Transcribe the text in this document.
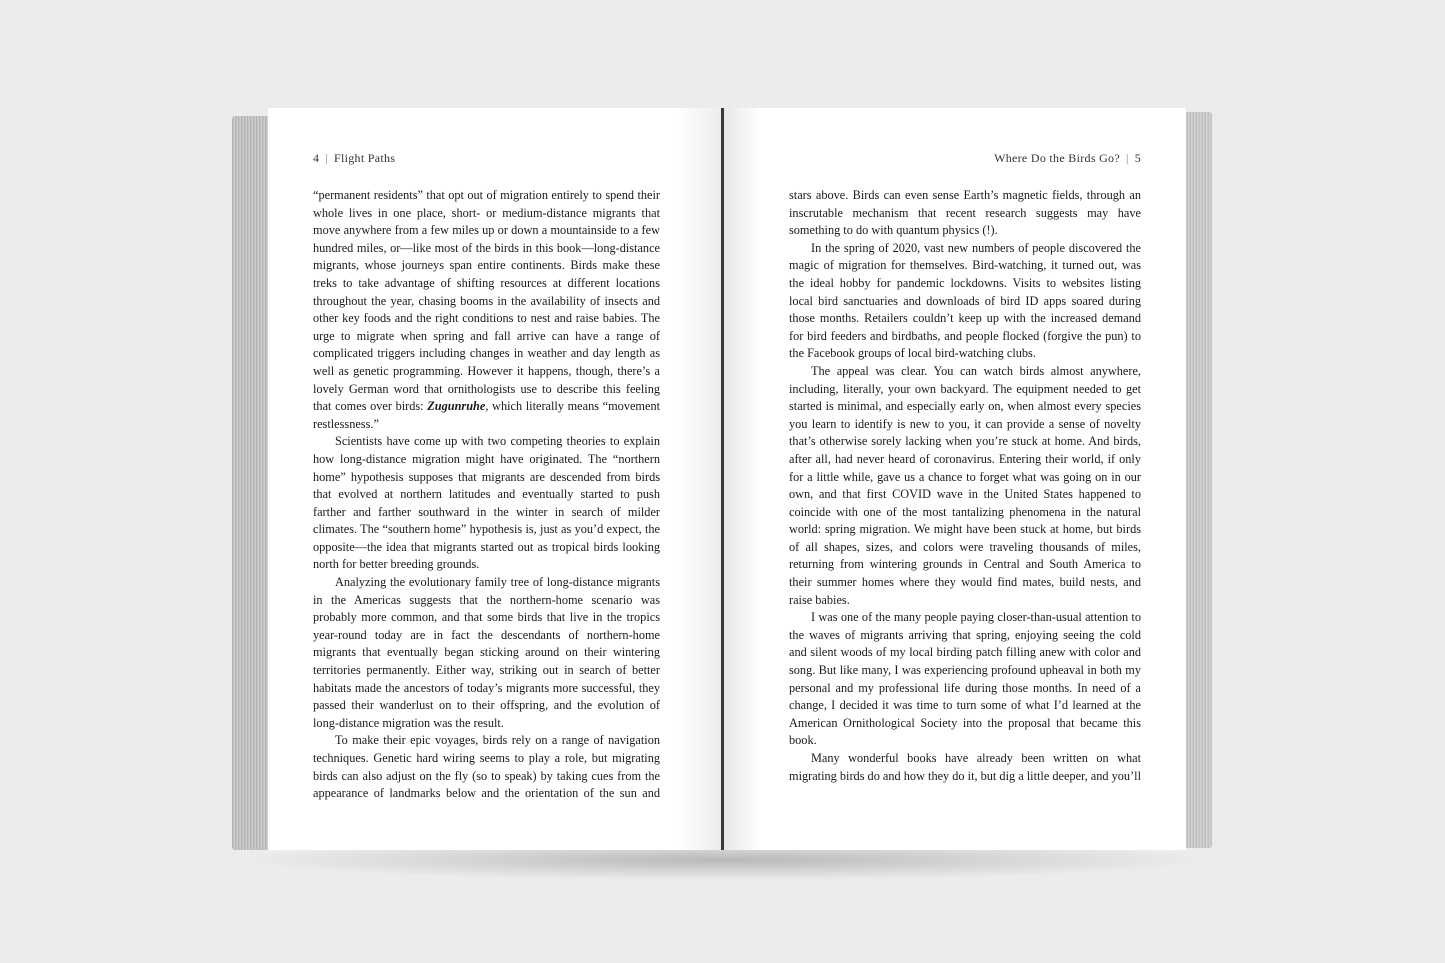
4 | Flight Paths	Where Do the Birds Go? | 5

“permanent residents” that opt out of migration entirely to spend their whole lives in one place, short- or medium-distance migrants that move anywhere from a few miles up or down a mountainside to a few hundred miles, or—like most of the birds in this book—long-distance migrants, whose journeys span entire continents. Birds make these treks to take advantage of shifting resources at different locations throughout the year, chasing booms in the availability of insects and other key foods and the right conditions to nest and raise babies. The urge to migrate when spring and fall arrive can have a range of complicated triggers including changes in weather and day length as well as genetic programming. However it happens, though, there’s a lovely German word that ornithologists use to describe this feeling that comes over birds: Zugunruhe, which literally means “movement restlessness.”

Scientists have come up with two competing theories to explain how long-distance migration might have originated. The “northern home” hypothesis supposes that migrants are descended from birds that evolved at northern latitudes and eventually started to push farther and farther southward in the winter in search of milder climates. The “southern home” hypothesis is, just as you’d expect, the opposite—the idea that migrants started out as tropical birds looking north for better breeding grounds.

Analyzing the evolutionary family tree of long-distance migrants in the Americas suggests that the northern-home scenario was probably more common, and that some birds that live in the tropics year-round today are in fact the descendants of northern-home migrants that eventually began sticking around on their wintering territories permanently. Either way, striking out in search of better habitats made the ancestors of today’s migrants more successful, they passed their wanderlust on to their offspring, and the evolution of long-distance migration was the result.

To make their epic voyages, birds rely on a range of navigation techniques. Genetic hard wiring seems to play a role, but migrating birds can also adjust on the fly (so to speak) by taking cues from the appearance of landmarks below and the orientation of the sun and

stars above. Birds can even sense Earth’s magnetic fields, through an inscrutable mechanism that recent research suggests may have something to do with quantum physics (!).

In the spring of 2020, vast new numbers of people discovered the magic of migration for themselves. Bird-watching, it turned out, was the ideal hobby for pandemic lockdowns. Visits to websites listing local bird sanctuaries and downloads of bird ID apps soared during those months. Retailers couldn’t keep up with the increased demand for bird feeders and birdbaths, and people flocked (forgive the pun) to the Facebook groups of local bird-watching clubs.

The appeal was clear. You can watch birds almost anywhere, including, literally, your own backyard. The equipment needed to get started is minimal, and especially early on, when almost every species you learn to identify is new to you, it can provide a sense of novelty that’s otherwise sorely lacking when you’re stuck at home. And birds, after all, had never heard of coronavirus. Entering their world, if only for a little while, gave us a chance to forget what was going on in our own, and that first COVID wave in the United States happened to coincide with one of the most tantalizing phenomena in the natural world: spring migration. We might have been stuck at home, but birds of all shapes, sizes, and colors were traveling thousands of miles, returning from wintering grounds in Central and South America to their summer homes where they would find mates, build nests, and raise babies.

I was one of the many people paying closer-than-usual attention to the waves of migrants arriving that spring, enjoying seeing the cold and silent woods of my local birding patch filling anew with color and song. But like many, I was experiencing profound upheaval in both my personal and my professional life during those months. In need of a change, I decided it was time to turn some of what I’d learned at the American Ornithological Society into the proposal that became this book.

Many wonderful books have already been written on what migrating birds do and how they do it, but dig a little deeper, and you’ll
